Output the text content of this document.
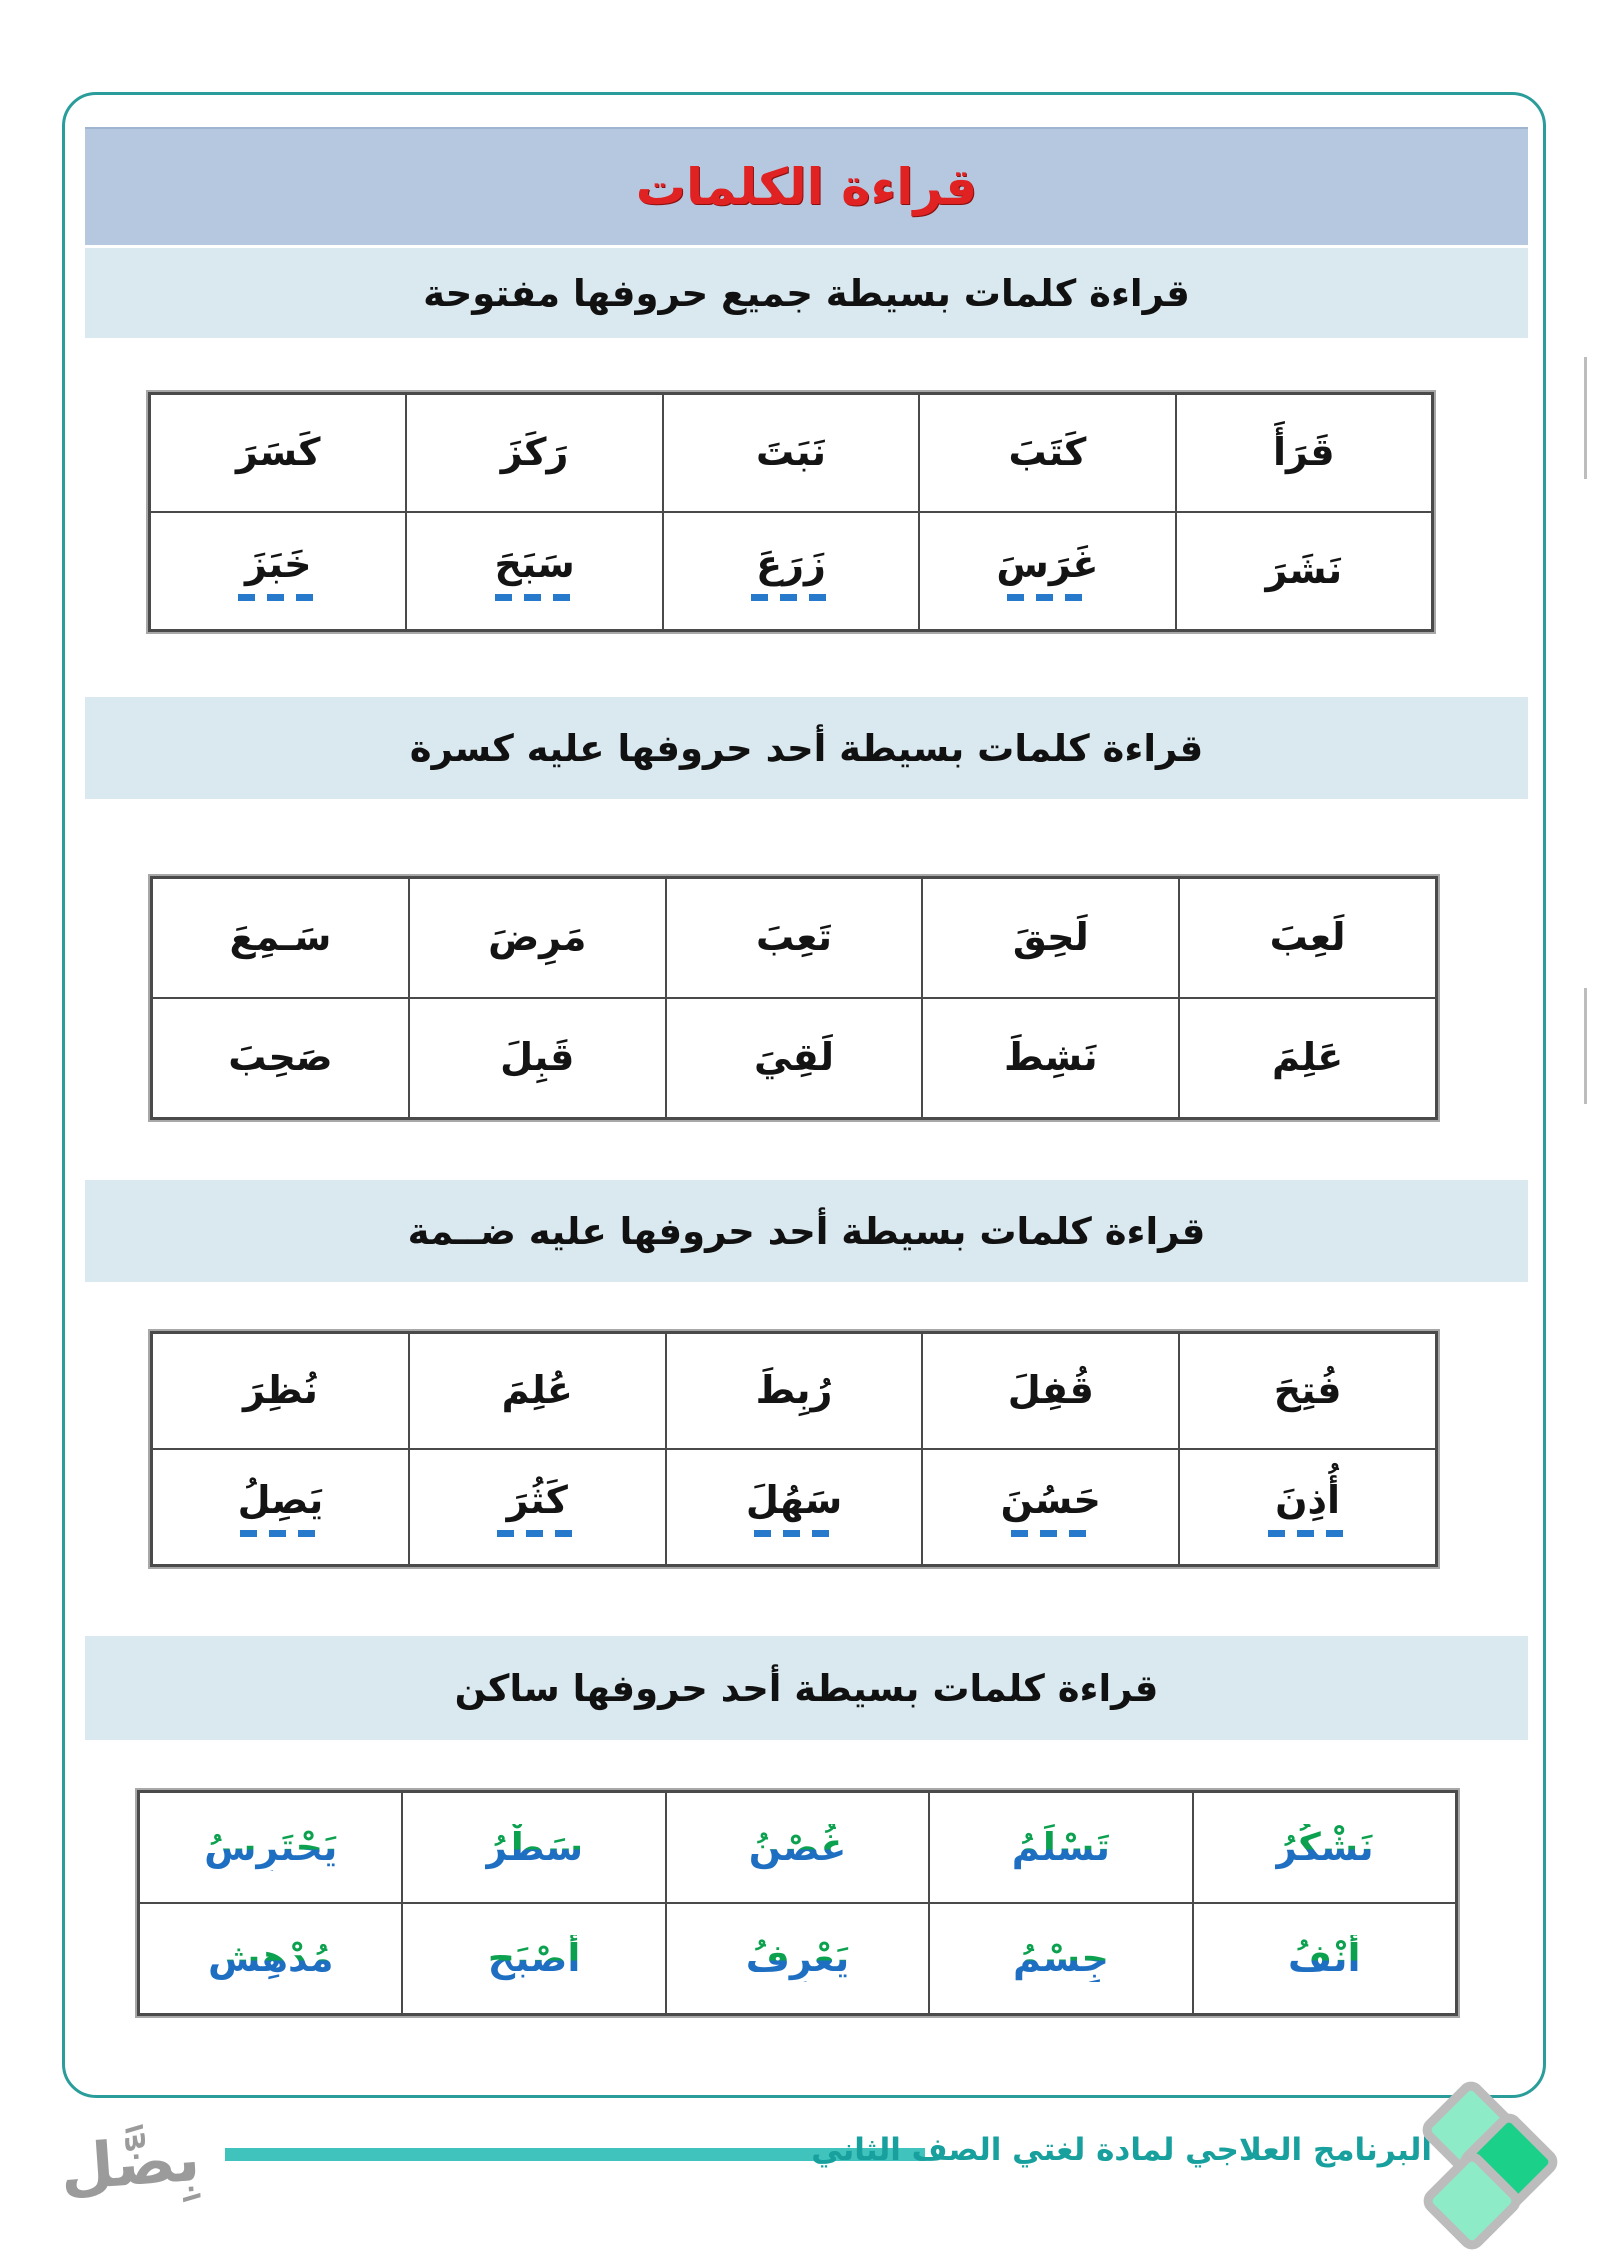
قراءة الكلمات
قراءة كلمات بسيطة جميع حروفها مفتوحة
قَرَأَ
كَتَبَ
نَبَتَ
رَكَزَ
كَسَرَ
نَشَرَ
غَرَسَ
زَرَعَ
سَبَحَ
خَبَزَ
قراءة كلمات بسيطة أحد حروفها عليه كسرة
لَعِبَ
لَحِقَ
تَعِبَ
مَرِضَ
سَـمِعَ
عَلِمَ
نَشِطَ
لَقِيَ
قَبِلَ
صَحِبَ
قراءة كلمات بسيطة أحد حروفها عليه ضــمة
فُتِحَ
قُفِلَ
رُبِطَ
عُلِمَ
نُظِرَ
أُذِنَ
حَسُنَ
سَهُلَ
كَثُرَ
يَصِلُ
قراءة كلمات بسيطة أحد حروفها ساكن
نَشْكُرُ
تَسْلَمُ
غُصْنُ
سَطْرُ
يَحْتَرِسُ
أَنْفُ
جِسْمُ
يَعْرِفُ
أَصْبَح
مُدْهِش
البرنامج العلاجي لمادة لغتي الصف الثاني
بِضَّل
